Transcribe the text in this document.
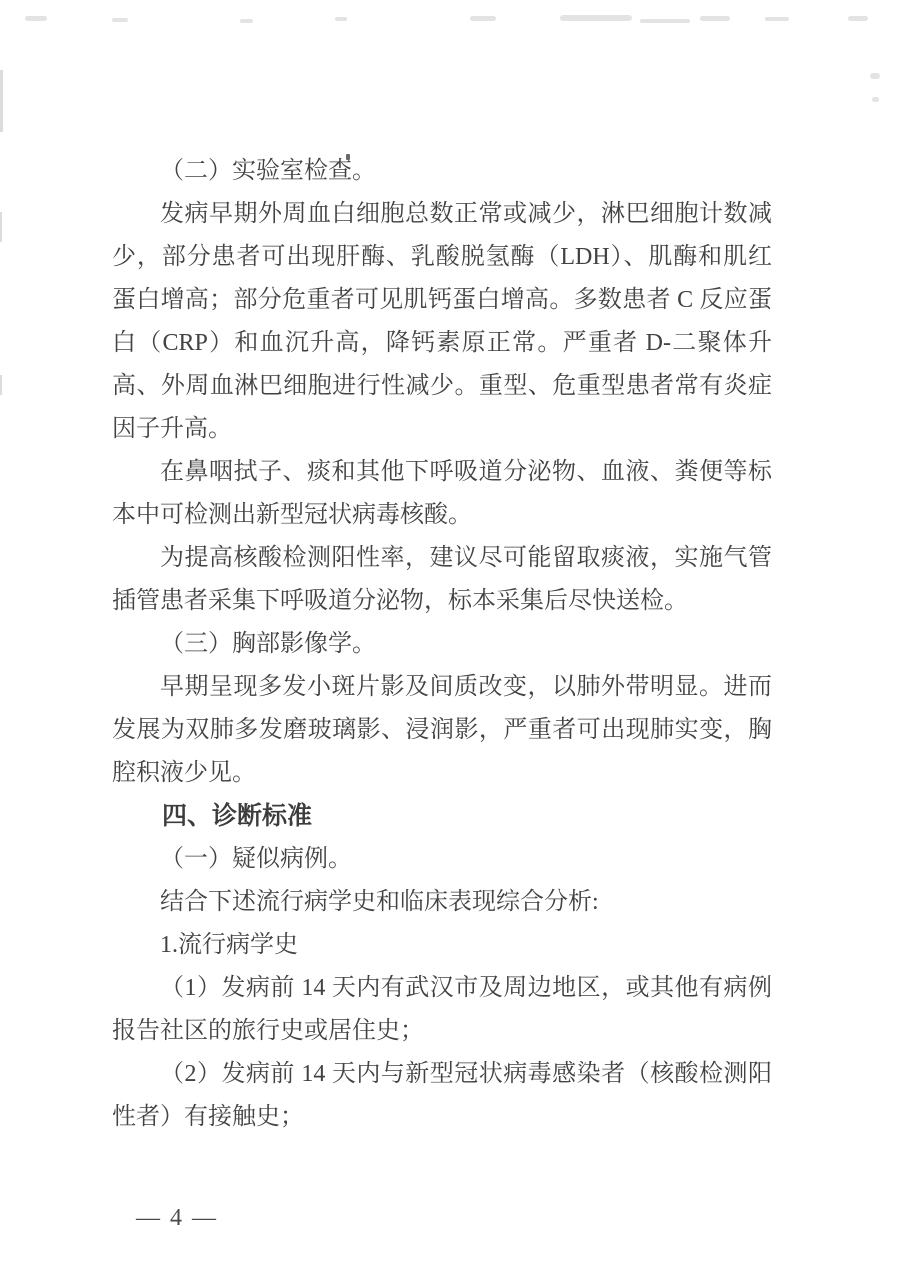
（二）实验室检查。

发病早期外周血白细胞总数正常或减少，淋巴细胞计数减少，部分患者可出现肝酶、乳酸脱氢酶（LDH）、肌酶和肌红蛋白增高；部分危重者可见肌钙蛋白增高。多数患者 C 反应蛋白（CRP）和血沉升高，降钙素原正常。严重者 D-二聚体升高、外周血淋巴细胞进行性减少。重型、危重型患者常有炎症因子升高。

在鼻咽拭子、痰和其他下呼吸道分泌物、血液、粪便等标本中可检测出新型冠状病毒核酸。

为提高核酸检测阳性率，建议尽可能留取痰液，实施气管插管患者采集下呼吸道分泌物，标本采集后尽快送检。

（三）胸部影像学。

早期呈现多发小斑片影及间质改变，以肺外带明显。进而发展为双肺多发磨玻璃影、浸润影，严重者可出现肺实变，胸腔积液少见。

四、诊断标准

（一）疑似病例。

结合下述流行病学史和临床表现综合分析:

1.流行病学史

（1）发病前 14 天内有武汉市及周边地区，或其他有病例报告社区的旅行史或居住史；

（2）发病前 14 天内与新型冠状病毒感染者（核酸检测阳性者）有接触史；

— 4 —
